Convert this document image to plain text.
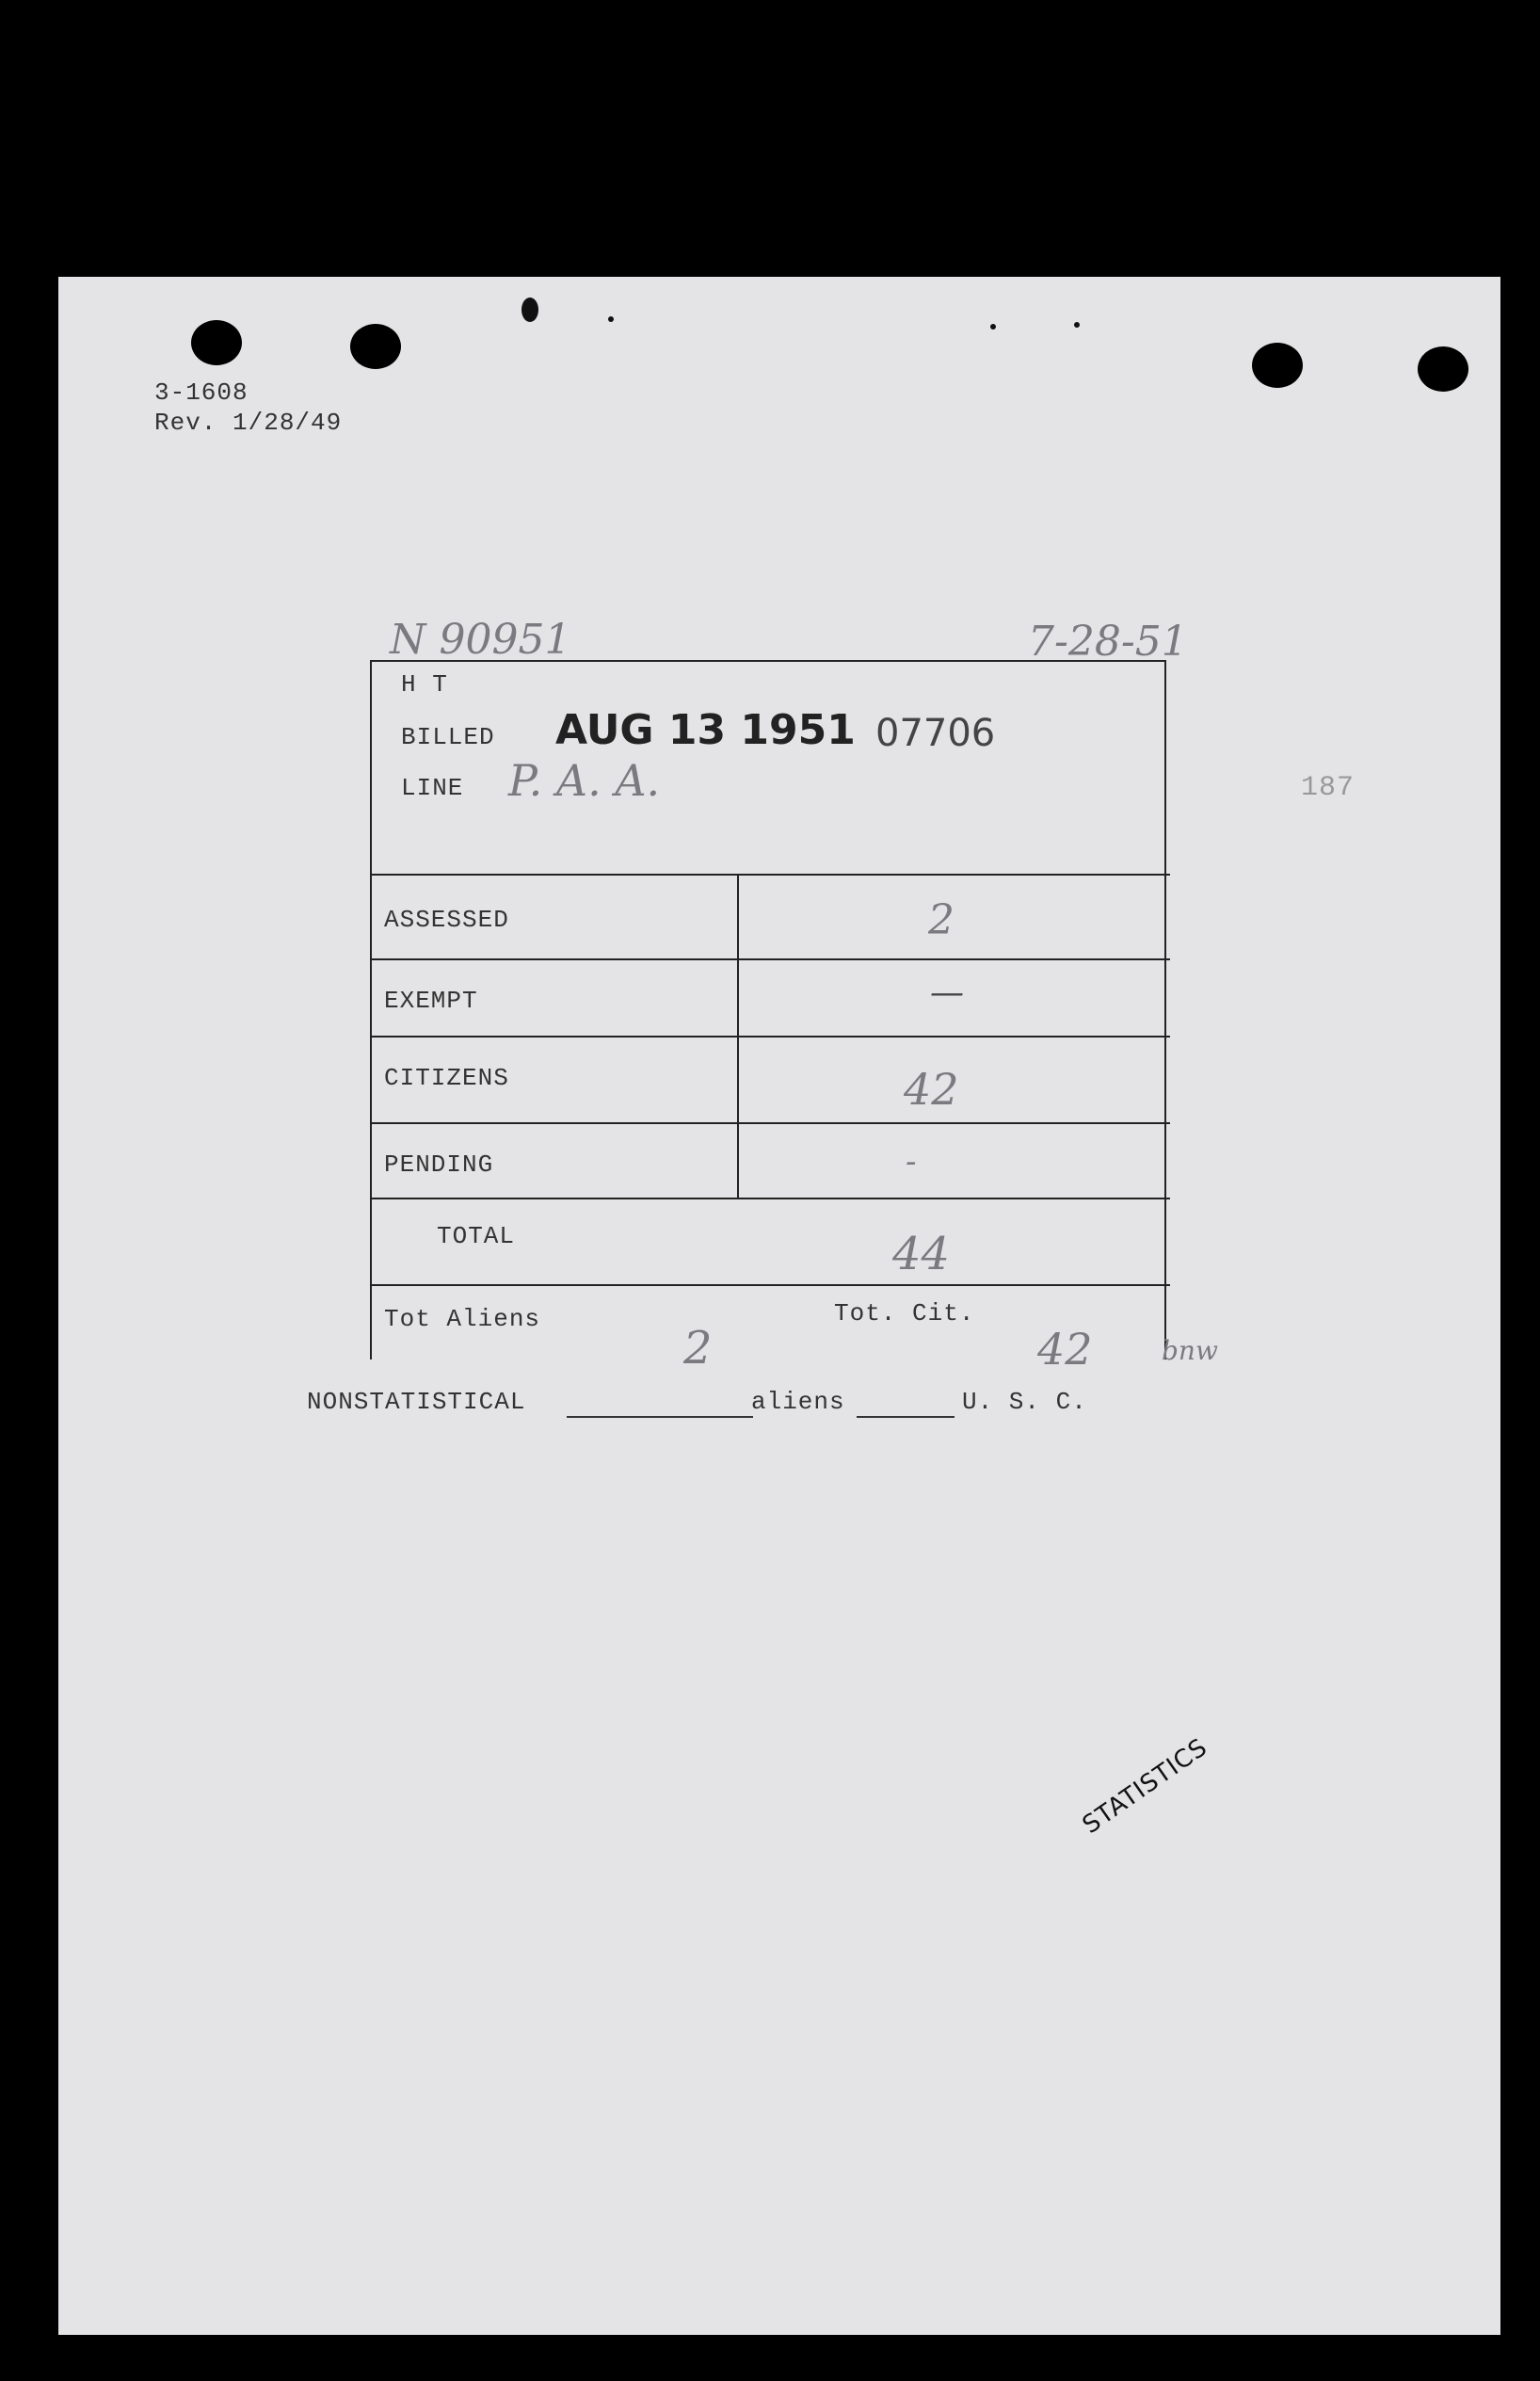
3-1608
Rev. 1/28/49
N 90951	7-28-51
H T
BILLED AUG 13 1951 07706
LINE P. A. A.	187
ASSESSED	2
EXEMPT	—
CITIZENS	42
PENDING	-
TOTAL	44
Tot Aliens	Tot. Cit.
2	42	bnw
NONSTATISTICAL	aliens	U. S. C.
STATISTICS
